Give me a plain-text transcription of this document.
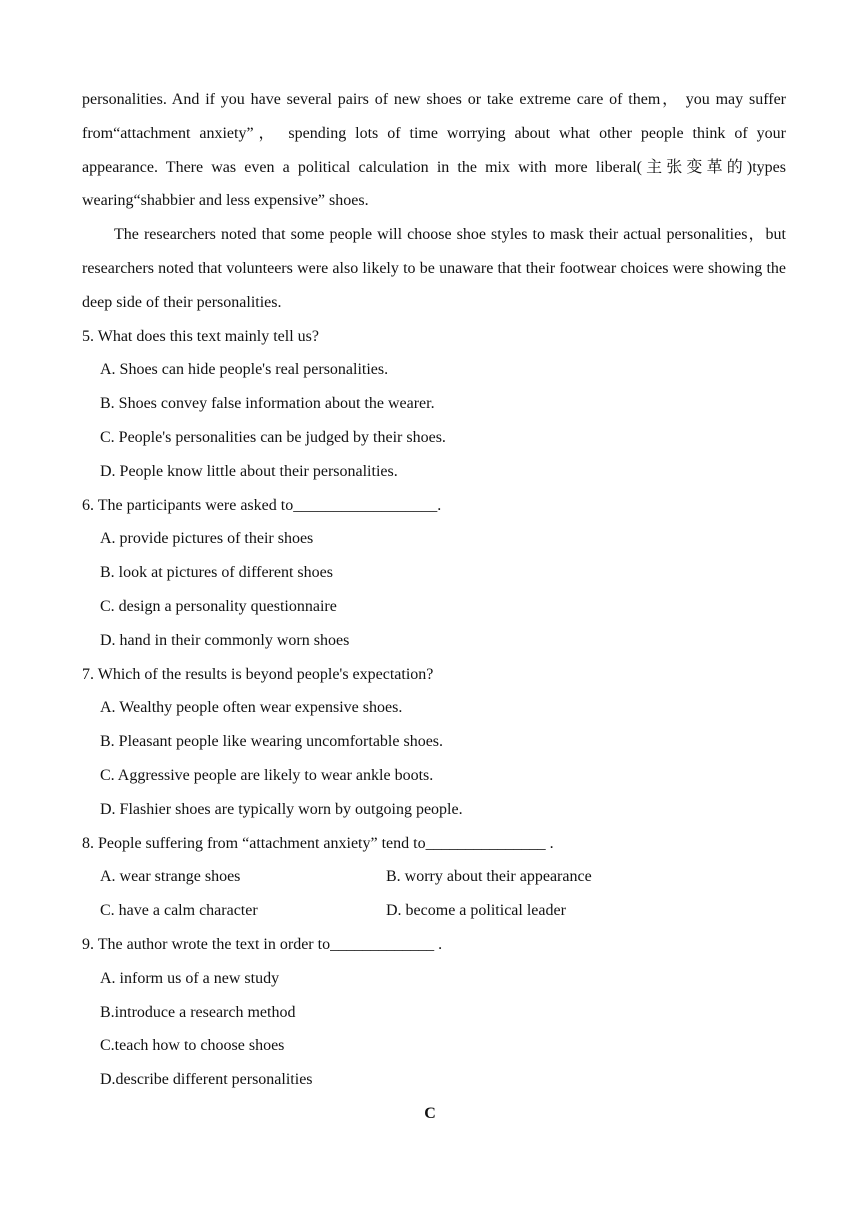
personalities. And if you have several pairs of new shoes or take extreme care of them， you may suffer from“attachment anxiety”， spending lots of time worrying about what other people think of your appearance. There was even a political calculation in the mix with more liberal(主张变革的)types wearing“shabbier and less expensive” shoes.

The researchers noted that some people will choose shoe styles to mask their actual personalities，but researchers noted that volunteers were also likely to be unaware that their footwear choices were showing the deep side of their personalities.

5. What does this text mainly tell us?

A. Shoes can hide people's real personalities.

B. Shoes convey false information about the wearer.

C. People's personalities can be judged by their shoes.

D. People know little about their personalities.

6. The participants were asked to__________________.

A. provide pictures of their shoes

B. look at pictures of different shoes

C. design a personality questionnaire

D. hand in their commonly worn shoes

7. Which of the results is beyond people's expectation?

A. Wealthy people often wear expensive shoes.

B. Pleasant people like wearing uncomfortable shoes.

C. Aggressive people are likely to wear ankle boots.

D. Flashier shoes are typically worn by outgoing people.

8. People suffering from “attachment anxiety” tend to_______________ .

A. wear strange shoes	B. worry about their appearance
C. have a calm character	D. become a political leader

9. The author wrote the text in order to_____________ .

A. inform us of a new study

B.introduce a research method

C.teach how to choose shoes

D.describe different personalities

C
